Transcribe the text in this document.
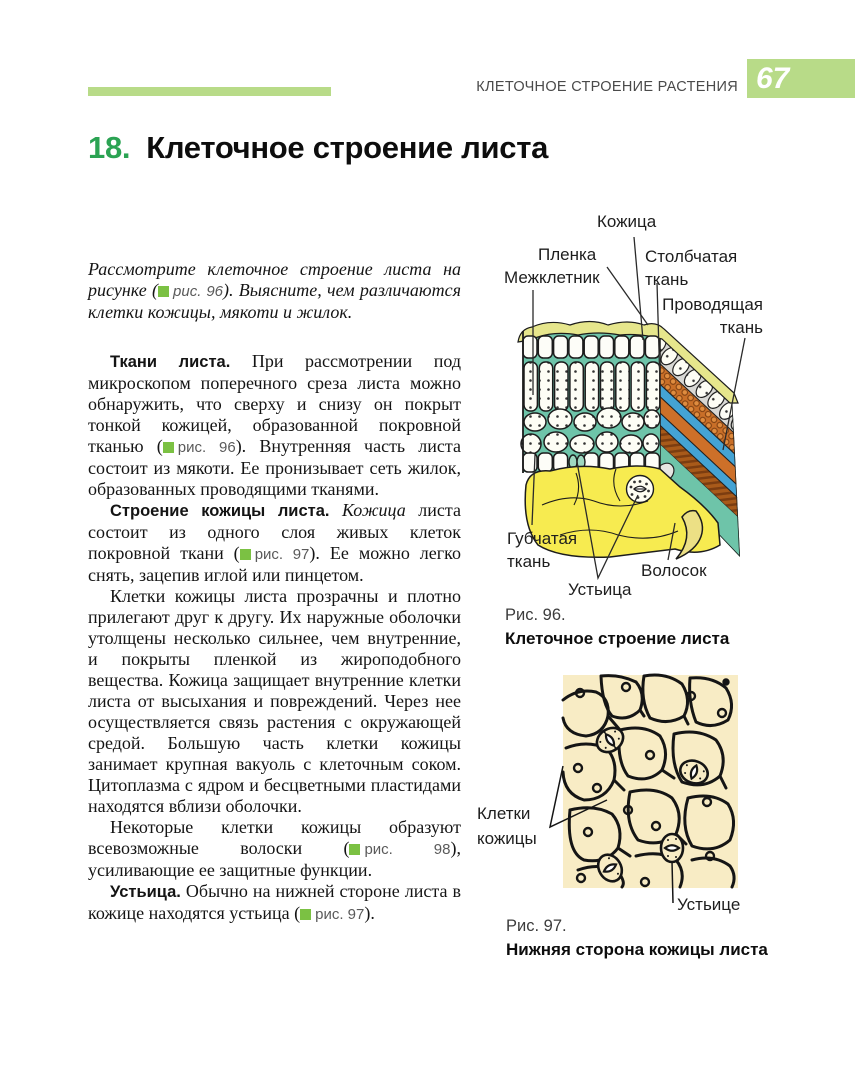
КЛЕТОЧНОЕ СТРОЕНИЕ РАСТЕНИЯ 67
18. Клеточное строение листа

Рассмотрите клеточное строение листа на рисунке ( рис. 96). Выясните, чем различаются клетки кожицы, мякоти и жилок.

Ткани листа. При рассмотрении под микроскопом поперечного среза листа можно обнаружить, что сверху и снизу он покрыт тонкой кожицей, образованной покровной тканью ( рис. 96). Внутренняя часть листа состоит из мякоти. Ее пронизывает сеть жилок, образованных проводящими тканями.

Строение кожицы листа. Кожица листа состоит из одного слоя живых клеток покровной ткани ( рис. 97). Ее можно легко снять, зацепив иглой или пинцетом.

Клетки кожицы листа прозрачны и плотно прилегают друг к другу. Их наружные оболочки утолщены несколько сильнее, чем внутренние, и покрыты пленкой из жироподобного вещества. Кожица защищает внутренние клетки листа от высыхания и повреждений. Через нее осуществляется связь растения с окружающей средой. Большую часть клетки кожицы занимает крупная вакуоль с клеточным соком. Цитоплазма с ядром и бесцветными пластидами находятся вблизи оболочки.

Некоторые клетки кожицы образуют всевозможные волоски ( рис. 98), усиливающие ее защитные функции.

Устьица. Обычно на нижней стороне листа в кожице находятся устьица ( рис. 97).

Кожица
Пленка
Межклетник
Столбчатая ткань
Проводящая ткань
Губчатая ткань
Устьица
Волосок
Рис. 96.
Клеточное строение листа
Клетки кожицы
Устьице
Рис. 97.
Нижняя сторона кожицы листа
